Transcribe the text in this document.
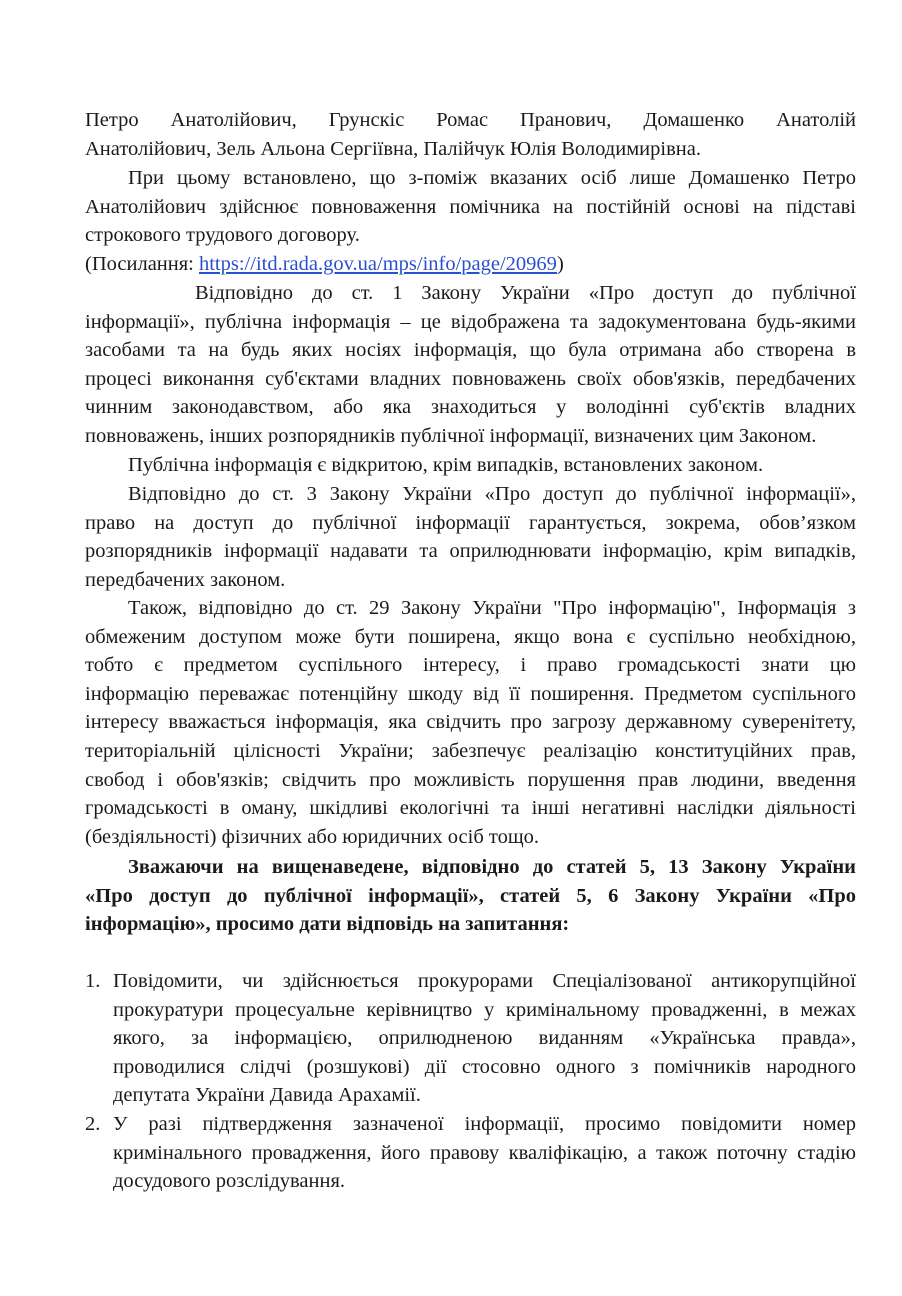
Петро Анатолійович, Грунскіс Ромас Пранович, Домашенко Анатолій
Анатолійович, Зель Альона Сергіївна, Палійчук Юлія Володимирівна.
При цьому встановлено, що з-поміж вказаних осіб лише Домашенко Петро
Анатолійович здійснює повноваження помічника на постійній основі на підставі
строкового трудового договору.
(Посилання: https://itd.rada.gov.ua/mps/info/page/20969)
Відповідно до ст. 1 Закону України «Про доступ до публічної
інформації», публічна інформація – це відображена та задокументована будь-якими
засобами та на будь яких носіях інформація, що була отримана або створена в
процесі виконання суб'єктами владних повноважень своїх обов'язків, передбачених
чинним законодавством, або яка знаходиться у володінні суб'єктів владних
повноважень, інших розпорядників публічної інформації, визначених цим Законом.
Публічна інформація є відкритою, крім випадків, встановлених законом.
Відповідно до ст. 3 Закону України «Про доступ до публічної інформації»,
право на доступ до публічної інформації гарантується, зокрема, обов’язком
розпорядників інформації надавати та оприлюднювати інформацію, крім випадків,
передбачених законом.
Також, відповідно до ст. 29 Закону України "Про інформацію", Інформація з
обмеженим доступом може бути поширена, якщо вона є суспільно необхідною,
тобто є предметом суспільного інтересу, і право громадськості знати цю
інформацію переважає потенційну шкоду від її поширення. Предметом суспільного
інтересу вважається інформація, яка свідчить про загрозу державному суверенітету,
територіальній цілісності України; забезпечує реалізацію конституційних прав,
свобод і обов'язків; свідчить про можливість порушення прав людини, введення
громадськості в оману, шкідливі екологічні та інші негативні наслідки діяльності
(бездіяльності) фізичних або юридичних осіб тощо.
Зважаючи на вищенаведене, відповідно до статей 5, 13 Закону України
«Про доступ до публічної інформації», статей 5, 6 Закону України «Про
інформацію», просимо дати відповідь на запитання:
1. Повідомити, чи здійснюється прокурорами Спеціалізованої антикорупційної
прокуратури процесуальне керівництво у кримінальному провадженні, в межах
якого, за інформацією, оприлюдненою виданням «Українська правда»,
проводилися слідчі (розшукові) дії стосовно одного з помічників народного
депутата України Давида Арахамії.
2. У разі підтвердження зазначеної інформації, просимо повідомити номер
кримінального провадження, його правову кваліфікацію, а також поточну стадію
досудового розслідування.
